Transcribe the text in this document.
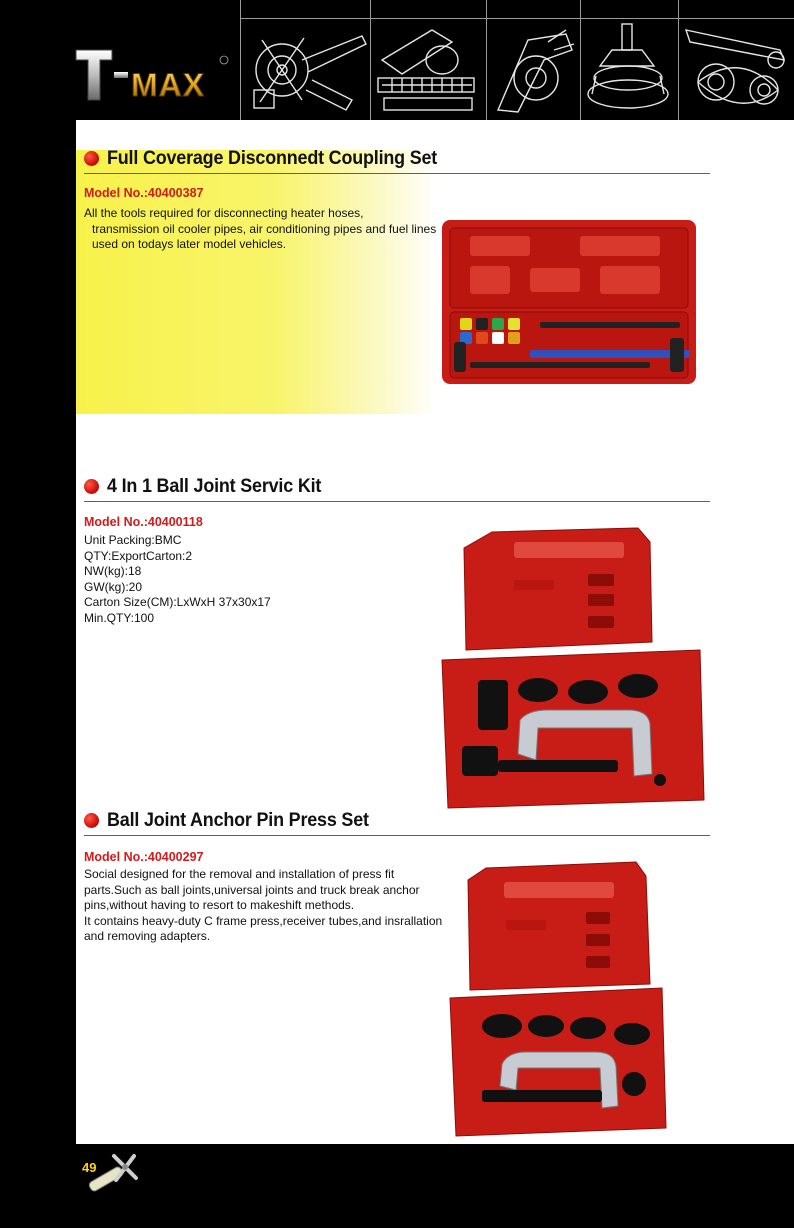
MAX
Full Coverage Disconnedt Coupling Set
Model No.:40400387
All the tools required for disconnecting heater hoses,
transmission oil cooler pipes, air conditioning pipes and fuel lines
used on todays later model vehicles.
4 In 1 Ball Joint Servic Kit
Model No.:40400118
Unit Packing:BMC
QTY:ExportCarton:2
NW(kg):18
GW(kg):20
Carton Size(CM):LxWxH 37x30x17
Min.QTY:100
Ball Joint Anchor Pin Press Set
Model No.:40400297
Social designed for the removal and installation of press fit
parts.Such as ball joints,universal joints and truck break anchor
pins,without having to resort to makeshift methods.
It contains heavy-duty C frame press,receiver tubes,and insrallation
and removing adapters.
49
